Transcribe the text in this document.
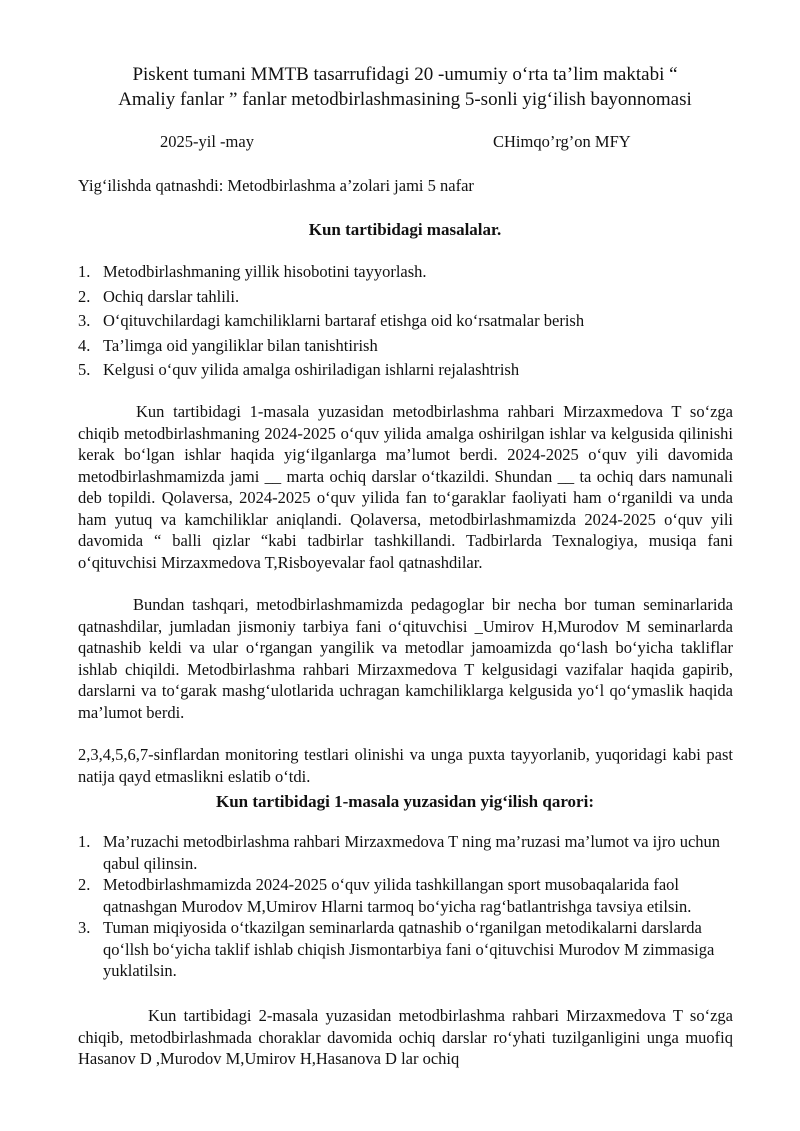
Piskent tumani MMTB tasarrufidagi 20 -umumiy o‘rta ta’lim maktabi “
Amaliy fanlar ” fanlar metodbirlashmasining 5-sonli yig‘ilish bayonnomasi
2025-yil -may	CHimqo’rg’on MFY
Yig‘ilishda qatnashdi: Metodbirlashma a’zolari jami 5 nafar
Kun tartibidagi masalalar.
1. Metodbirlashmaning yillik hisobotini tayyorlash.
2. Ochiq darslar tahlili.
3. O‘qituvchilardagi kamchiliklarni bartaraf etishga oid ko‘rsatmalar berish
4. Ta’limga oid yangiliklar bilan tanishtirish
5. Kelgusi o‘quv yilida amalga oshiriladigan ishlarni rejalashtrish
Kun tartibidagi 1-masala yuzasidan metodbirlashma rahbari Mirzaxmedova T so‘zga chiqib metodbirlashmaning 2024-2025 o‘quv yilida amalga oshirilgan ishlar va kelgusida qilinishi kerak bo‘lgan ishlar haqida yig‘ilganlarga ma’lumot berdi. 2024-2025 o‘quv yili davomida metodbirlashmamizda jami __ marta ochiq darslar o‘tkazildi. Shundan __ ta ochiq dars namunali deb topildi. Qolaversa, 2024-2025 o‘quv yilida fan to‘garaklar faoliyati ham o‘rganildi va unda ham yutuq va kamchiliklar aniqlandi. Qolaversa, metodbirlashmamizda 2024-2025 o‘quv yili davomida “ balli qizlar “kabi tadbirlar tashkillandi. Tadbirlarda Texnalogiya, musiqa fani o‘qituvchisi Mirzaxmedova T,Risboyevalar faol qatnashdilar.
Bundan tashqari, metodbirlashmamizda pedagoglar bir necha bor tuman seminarlarida qatnashdilar, jumladan jismoniy tarbiya fani o‘qituvchisi _Umirov H,Murodov M seminarlarda qatnashib keldi va ular o‘rgangan yangilik va metodlar jamoamizda qo‘lash bo‘yicha takliflar ishlab chiqildi. Metodbirlashma rahbari Mirzaxmedova T kelgusidagi vazifalar haqida gapirib, darslarni va to‘garak mashg‘ulotlarida uchragan kamchiliklarga kelgusida yo‘l qo‘ymaslik haqida ma’lumot berdi.
2,3,4,5,6,7-sinflardan monitoring testlari olinishi va unga puxta tayyorlanib, yuqoridagi kabi past natija qayd etmaslikni eslatib o‘tdi.
Kun tartibidagi 1-masala yuzasidan yig‘ilish qarori:
1. Ma’ruzachi metodbirlashma rahbari Mirzaxmedova T ning ma’ruzasi ma’lumot va ijro uchun qabul qilinsin.
2. Metodbirlashmamizda 2024-2025 o‘quv yilida tashkillangan sport musobaqalarida faol qatnashgan Murodov M,Umirov Hlarni tarmoq bo‘yicha rag‘batlantrishga tavsiya etilsin.
3. Tuman miqiyosida o‘tkazilgan seminarlarda qatnashib o‘rganilgan metodikalarni darslarda qo‘llsh bo‘yicha taklif ishlab chiqish Jismontarbiya fani o‘qituvchisi Murodov M zimmasiga yuklatilsin.
Kun tartibidagi 2-masala yuzasidan metodbirlashma rahbari Mirzaxmedova T so‘zga chiqib, metodbirlashmada choraklar davomida ochiq darslar ro‘yhati tuzilganligini unga muofiq Hasanov D ,Murodov M,Umirov H,Hasanova D lar ochiq
